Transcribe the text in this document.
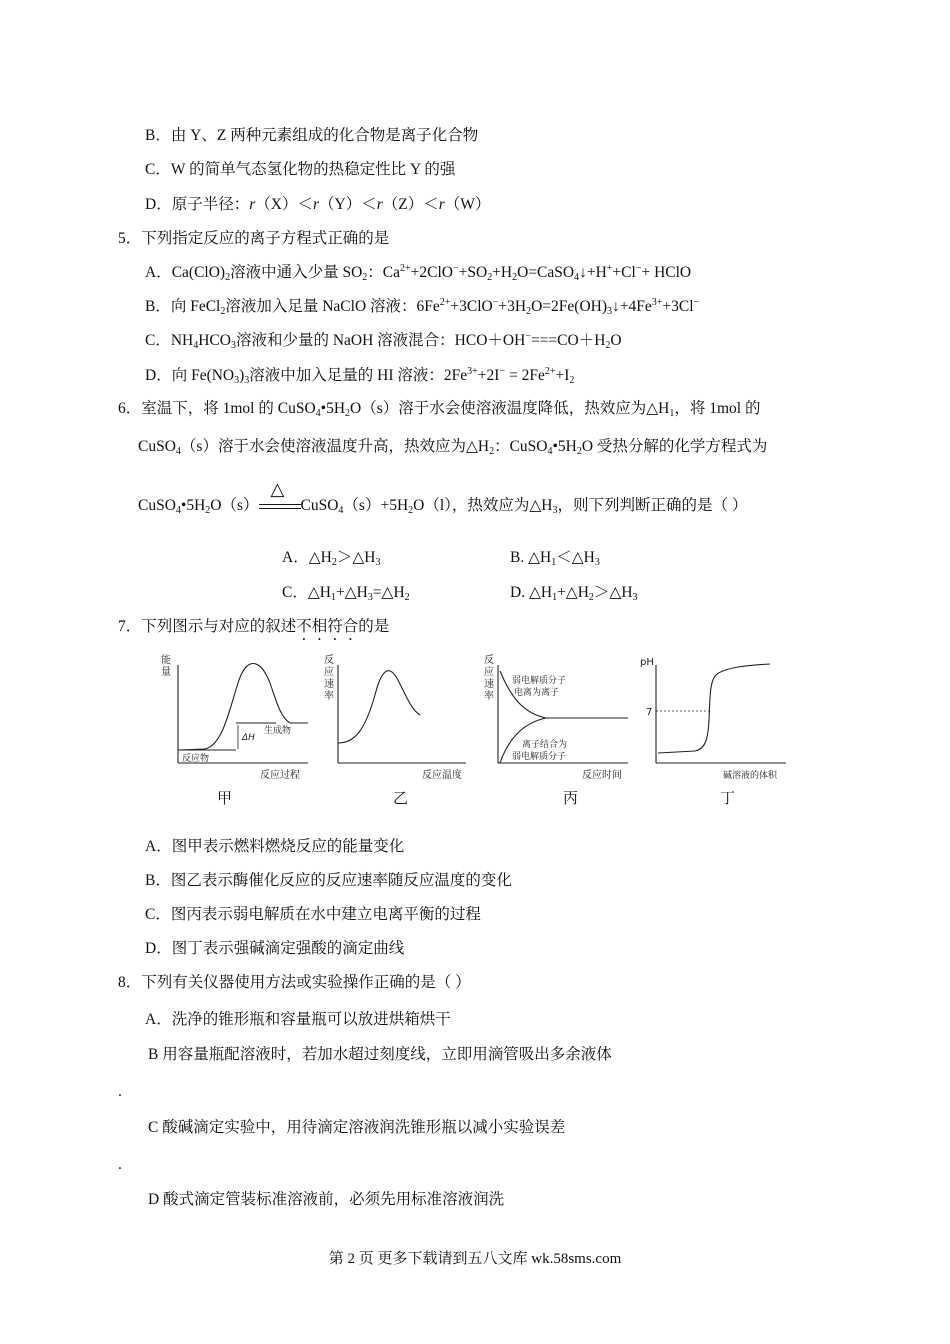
B．由 Y、Z 两种元素组成的化合物是离子化合物
C．W 的简单气态氢化物的热稳定性比 Y 的强
D．原子半径：r（X）＜r（Y）＜r（Z）＜r（W）
5．下列指定反应的离子方程式正确的是
A．$Ca(ClO)_2$溶液中通入少量 $SO_2$：$Ca^{2+}+2ClO^-+SO_2+H_2O=CaSO_4↓+H^++Cl^-+$ HClO
B．向 FeCl$_2$溶液加入足量 NaClO 溶液：$6Fe^{2+}+3ClO^-+3H_2O=2Fe(OH)_3↓+4Fe^{3+}+3Cl^-$
C．$NH_4HCO_3$溶液和少量的 NaOH 溶液混合：$HCO+OH^-===CO+H_2O$
D．向 $Fe(NO_3)_3$溶液中加入足量的 HI 溶液：$2Fe^{3+}+2I^- = 2Fe^{2+}+I_2$
6．室温下，将 1mol 的 $CuSO_4•5H_2O(s)$溶于水会使溶液温度降低，热效应为$\triangle H_1$，将 1mol 的
CuSO$_4$（s）溶于水会使溶液温度升高，热效应为$\triangle H_2$：$CuSO_4•5H_2O$ 受热分解的化学方程式为
$CuSO_4•5H_2O(s)$
△
$CuSO_4(s)+5H_2O(l)$，热效应为$\triangle H_3$，则下列判断正确的是（ ）
A．$\triangle H_2>\triangle H_3$	B. $\triangle H_1<\triangle H_3$
C．$\triangle H_1+\triangle H_3=\triangle H_2$	D. $\triangle H_1+\triangle H_2>\triangle H_3$
7．下列图示与对应的叙述不相符合的是
能
量
反应过程
生成物
ΔH
反应物
反
应
速
率
反应温度
反
应
速
率
反应时间
弱电解质分子
电离为离子
离子结合为
弱电解质分子
pH
7
碱溶液的体积
甲	乙	丙	丁
A．图甲表示燃料燃烧反应的能量变化
B．图乙表示酶催化反应的反应速率随反应温度的变化
C．图丙表示弱电解质在水中建立电离平衡的过程
D．图丁表示强碱滴定强酸的滴定曲线
8．下列有关仪器使用方法或实验操作正确的是（ ）
A．洗净的锥形瓶和容量瓶可以放进烘箱烘干
B 用容量瓶配溶液时，若加水超过刻度线，立即用滴管吸出多余液体
.
C 酸碱滴定实验中，用待滴定溶液润洗锥形瓶以减小实验误差
.
D 酸式滴定管装标准溶液前，必须先用标准溶液润洗
第 2 页 更多下载请到五八文库 wk.58sms.com
